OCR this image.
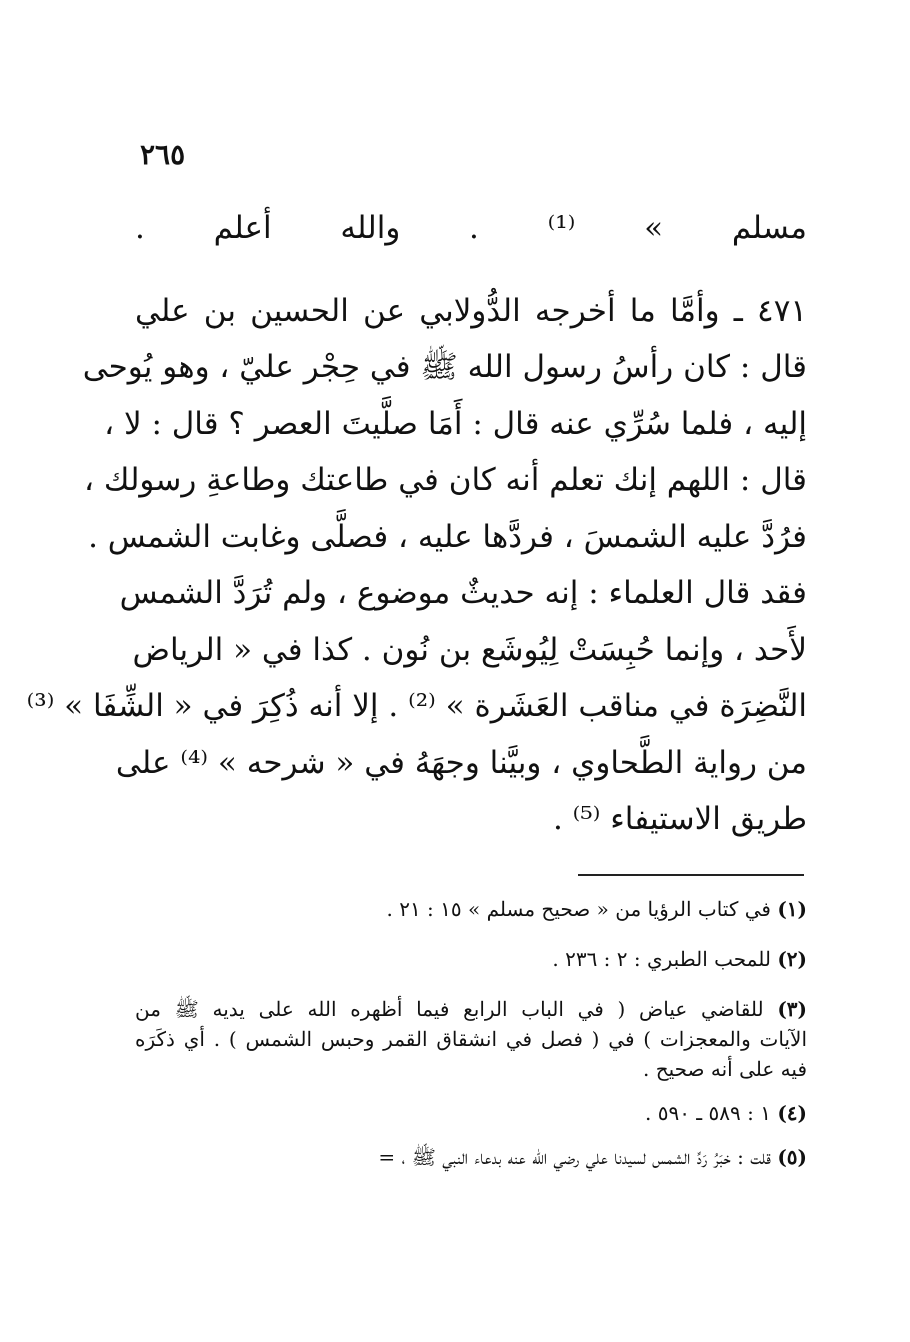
٢٦٥
مسلم » ⁽¹⁾ . والله أعلم .
٤٧١ ـ وأمَّا ما أخرجه الدُّولابي عن الحسين بن علي
قال : كان رأسُ رسول الله ﷺ في حِجْر عليّ ، وهو يُوحى
إليه ، فلما سُرِّي عنه قال : أَمَا صلَّيتَ العصر ؟ قال : لا ،
قال : اللهم إنك تعلم أنه كان في طاعتك وطاعةِ رسولك ،
فرُدَّ عليه الشمسَ ، فردَّها عليه ، فصلَّى وغابت الشمس .
فقد قال العلماء : إنه حديثٌ موضوع ، ولم تُرَدَّ الشمس
لأَحد ، وإنما حُبِسَتْ لِيُوشَع بن نُون . كذا في « الرياض
النَّضِرَة في مناقب العَشَرة » ⁽²⁾ . إلا أنه ذُكِرَ في « الشِّفَا » ⁽³⁾
من رواية الطَّحاوي ، وبيَّنا وجهَهُ في « شرحه » ⁽⁴⁾ على
طريق الاستيفاء ⁽⁵⁾ .
(١) في كتاب الرؤيا من « صحيح مسلم » ١٥ : ٢١ .
(٢) للمحب الطبري : ٢ : ٢٣٦ .
(٣) للقاضي عياض ( في الباب الرابع فيما أظهره الله على يديه ﷺ من
الآيات والمعجزات ) في ( فصل في انشقاق القمر وحبس الشمس ) . أي ذكَرَه
فيه على أنه صحيح .
(٤) ١ : ٥٨٩ ـ ٥٩٠ .
(٥) قلت : خبَرُ رَدِّ الشمس لسيدنا علي رضي الله عنه بدعاء النبي ﷺ ، =
